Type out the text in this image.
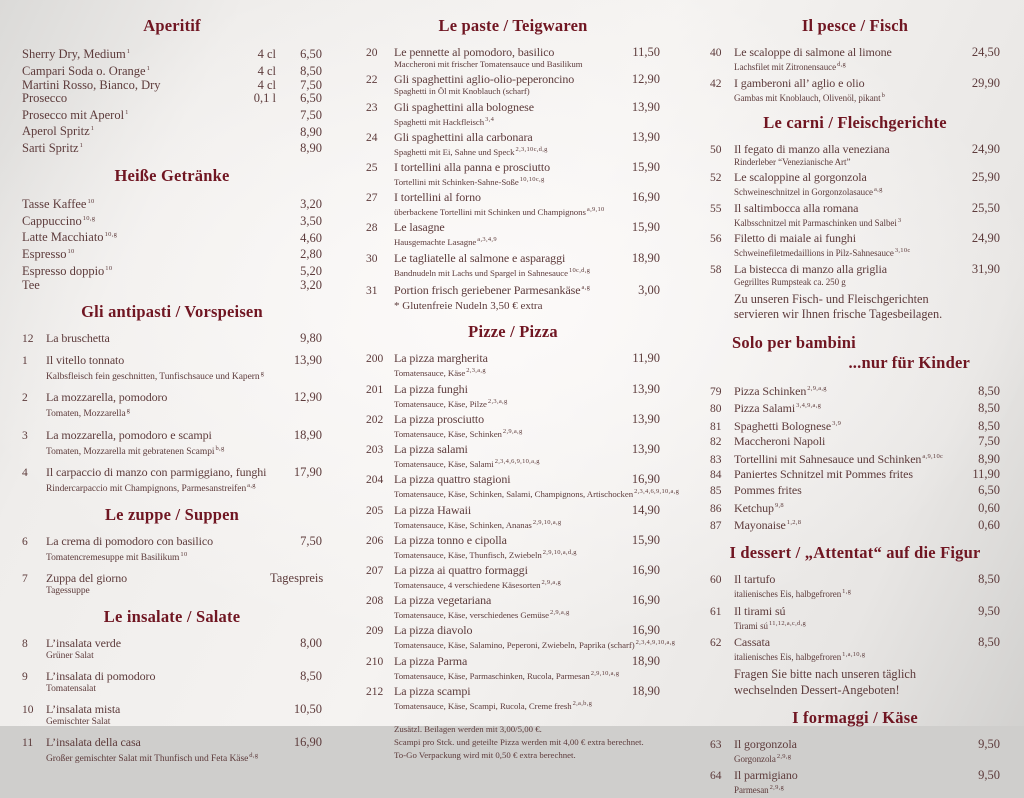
Aperitif
Sherry Dry, Medium$^1$	4 cl	6,50
Campari Soda o. Orange$^1$	4 cl	8,50
Martini Rosso, Bianco, Dry	4 cl	7,50
Prosecco	0,1 l	6,50
Prosecco mit Aperol$^1$	7,50
Aperol Spritz$^1$	8,90
Sarti Spritz$^1$	8,90
Heiße Getränke
Tasse Kaffee$^{10}$	3,20
Cappuccino$^{10,g}$	3,50
Latte Macchiato$^{10,g}$	4,60
Espresso$^{10}$	2,80
Espresso doppio$^{10}$	5,20
Tee	3,20
Gli antipasti / Vorspeisen
12	La bruschetta	9,80
1	Il vitello tonnato	13,90
Kalbsfleisch fein geschnitten, Tunfischsauce und Kapern$^g$
2	La mozzarella, pomodoro	12,90
Tomaten, Mozzarella$^g$
3	La mozzarella, pomodoro e scampi	18,90
Tomaten, Mozzarella mit gebratenen Scampi$^{b,g}$
4	Il carpaccio di manzo con parmiggiano, funghi	17,90
Rindercarpaccio mit Champignons, Parmesanstreifen$^{a,g}$
Le zuppe / Suppen
6	La crema di pomodoro con basilico	7,50
Tomatencremesuppe mit Basilikum$^{10}$
7	Zuppa del giorno	Tagespreis
Tagessuppe
Le insalate / Salate
8	L’insalata verde	8,00
Grüner Salat
9	L’insalata di pomodoro	8,50
Tomatensalat
10	L’insalata mista	10,50
Gemischter Salat
11	L’insalata della casa	16,90
Großer gemischter Salat mit Thunfisch und Feta Käse$^{d,g}$
Le paste / Teigwaren
20	Le pennette al pomodoro, basilico	11,50
Maccheroni mit frischer Tomatensauce und Basilikum
22	Gli spaghettini aglio-olio-peperoncino	12,90
Spaghetti in Öl mit Knoblauch (scharf)
23	Gli spaghettini alla bolognese	13,90
Spaghetti mit Hackfleisch$^{3,4}$
24	Gli spaghettini alla carbonara	13,90
Spaghetti mit Ei, Sahne und Speck$^{2,3,10c,d,g}$
25	I tortellini alla panna e prosciutto	15,90
Tortellini mit Schinken-Sahne-Soße$^{10,10c,g}$
27	I tortellini al forno	16,90
überbackene Tortellini mit Schinken und Champignons$^{a,9,10}$
28	Le lasagne	15,90
Hausgemachte Lasagne$^{a,3,4,9}$
30	Le tagliatelle al salmone e asparaggi	18,90
Bandnudeln mit Lachs und Spargel in Sahnesauce$^{10c,d,g}$
31	Portion frisch geriebener Parmesankäse$^{a,g}$	3,00
* Glutenfreie Nudeln 3,50 € extra
Pizze / Pizza
200 La pizza margherita	11,90
Tomatensauce, Käse$^{2,3,a,g}$
201 La pizza funghi	13,90
Tomatensauce, Käse, Pilze$^{2,3,a,g}$
202 La pizza prosciutto	13,90
Tomatensauce, Käse, Schinken$^{2,9,a,g}$
203 La pizza salami	13,90
Tomatensauce, Käse, Salami$^{2,3,4,6,9,10,a,g}$
204 La pizza quattro stagioni	16,90
Tomatensauce, Käse, Schinken, Salami, Champignons, Artischocken$^{2,3,4,6,9,10,a,g}$
205 La pizza Hawaii	14,90
Tomatensauce, Käse, Schinken, Ananas$^{2,9,10,a,g}$
206 La pizza tonno e cipolla	15,90
Tomatensauce, Käse, Thunfisch, Zwiebeln$^{2,9,10,a,d,g}$
207 La pizza ai quattro formaggi	16,90
Tomatensauce, 4 verschiedene Käsesorten$^{2,9,a,g}$
208 La pizza vegetariana	16,90
Tomatensauce, Käse, verschiedenes Gemüse$^{2,9,a,g}$
209 La pizza diavolo	16,90
Tomatensauce, Käse, Salamino, Peperoni, Zwiebeln, Paprika (scharf)$^{2,3,4,9,10,a,g}$
210 La pizza Parma	18,90
Tomatensauce, Käse, Parmaschinken, Rucola, Parmesan$^{2,9,10,a,g}$
212 La pizza scampi	18,90
Tomatensauce, Käse, Scampi, Rucola, Creme fresh$^{2,a,b,g}$
Zusätzl. Beilagen werden mit 3,00/5,00 €.
Scampi pro Stck. und geteilte Pizza werden mit 4,00 € extra berechnet.
To-Go Verpackung wird mit 0,50 € extra berechnet.
Il pesce / Fisch
40	Le scaloppe di salmone al limone	24,50
Lachsfilet mit Zitronensauce$^{d,g}$
42	I gamberoni all’ aglio e olio	29,90
Gambas mit Knoblauch, Olivenöl, pikant$^b$
Le carni / Fleischgerichte
50	Il fegato di manzo alla veneziana	24,90
Rinderleber “Venezianische Art”
52	Le scaloppine al gorgonzola	25,90
Schweineschnitzel in Gorgonzolasauce$^{a,g}$
55	Il saltimbocca alla romana	25,50
Kalbsschnitzel mit Parmaschinken und Salbei$^3$
56	Filetto di maiale ai funghi	24,90
Schweinefiletmedaillions in Pilz-Sahnesauce$^{3,10c}$
58	La bistecca di manzo alla griglia	31,90
Gegrilltes Rumpsteak ca. 250 g
Zu unseren Fisch- und Fleischgerichten servieren wir Ihnen frische Tagesbeilagen.
Solo per bambini
...nur für Kinder
79	Pizza Schinken$^{2,9,a,g}$	8,50
80	Pizza Salami$^{3,4,9,a,g}$	8,50
81	Spaghetti Bolognese$^{3,9}$	8,50
82	Maccheroni Napoli	7,50
83	Tortellini mit Sahnesauce und Schinken$^{a,9,10c}$	8,90
84	Paniertes Schnitzel mit Pommes frites	11,90
85	Pommes frites	6,50
86	Ketchup$^{9,8}$	0,60
87	Mayonaise$^{1,2,8}$	0,60
I dessert / „Attentat“ auf die Figur
60	Il tartufo	8,50
italienisches Eis, halbgefroren$^{1,g}$
61	Il tirami sú	9,50
Tirami sú$^{11,12,a,c,d,g}$
62	Cassata	8,50
italienisches Eis, halbgefroren$^{1,a,10,g}$
Fragen Sie bitte nach unseren täglich wechselnden Dessert-Angeboten!
I formaggi / Käse
63	Il gorgonzola	9,50
Gorgonzola$^{2,9,g}$
64	Il parmigiano	9,50
Parmesan$^{2,9,g}$
